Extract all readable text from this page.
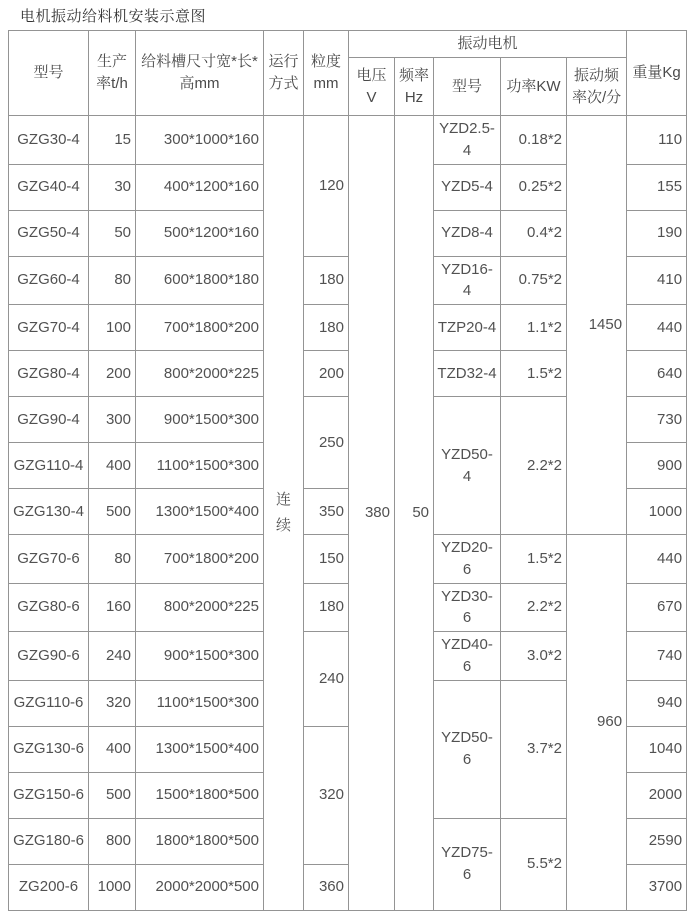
电机振动给料机安装示意图

型号	生产率t/h	给料槽尺寸宽*长*高mm	运行方式	粒度mm	振动电机					重量Kg
					电压V	频率Hz	型号	功率KW	振动频率次/分	
GZG30-4	15	300*1000*160	连续	120	380	50	YZD2.5-4	0.18*2	1450	110
GZG40-4	30	400*1200*160					YZD5-4	0.25*2		155
GZG50-4	50	500*1200*160					YZD8-4	0.4*2		190
GZG60-4	80	600*1800*180		180			YZD16-4	0.75*2		410
GZG70-4	100	700*1800*200		180			TZP20-4	1.1*2		440
GZG80-4	200	800*2000*225		200			TZD32-4	1.5*2		640
GZG90-4	300	900*1500*300		250			YZD50-4	2.2*2		730
GZG110-4	400	1100*1500*300								900
GZG130-4	500	1300*1500*400		350						1000
GZG70-6	80	700*1800*200		150			YZD20-6	1.5*2	960	440
GZG80-6	160	800*2000*225		180			YZD30-6	2.2*2		670
GZG90-6	240	900*1500*300		240			YZD40-6	3.0*2		740
GZG110-6	320	1100*1500*300					YZD50-6	3.7*2		940
GZG130-6	400	1300*1500*400		320						1040
GZG150-6	500	1500*1800*500								2000
GZG180-6	800	1800*1800*500					YZD75-6	5.5*2		2590
ZG200-6	1000	2000*2000*500		360						3700
